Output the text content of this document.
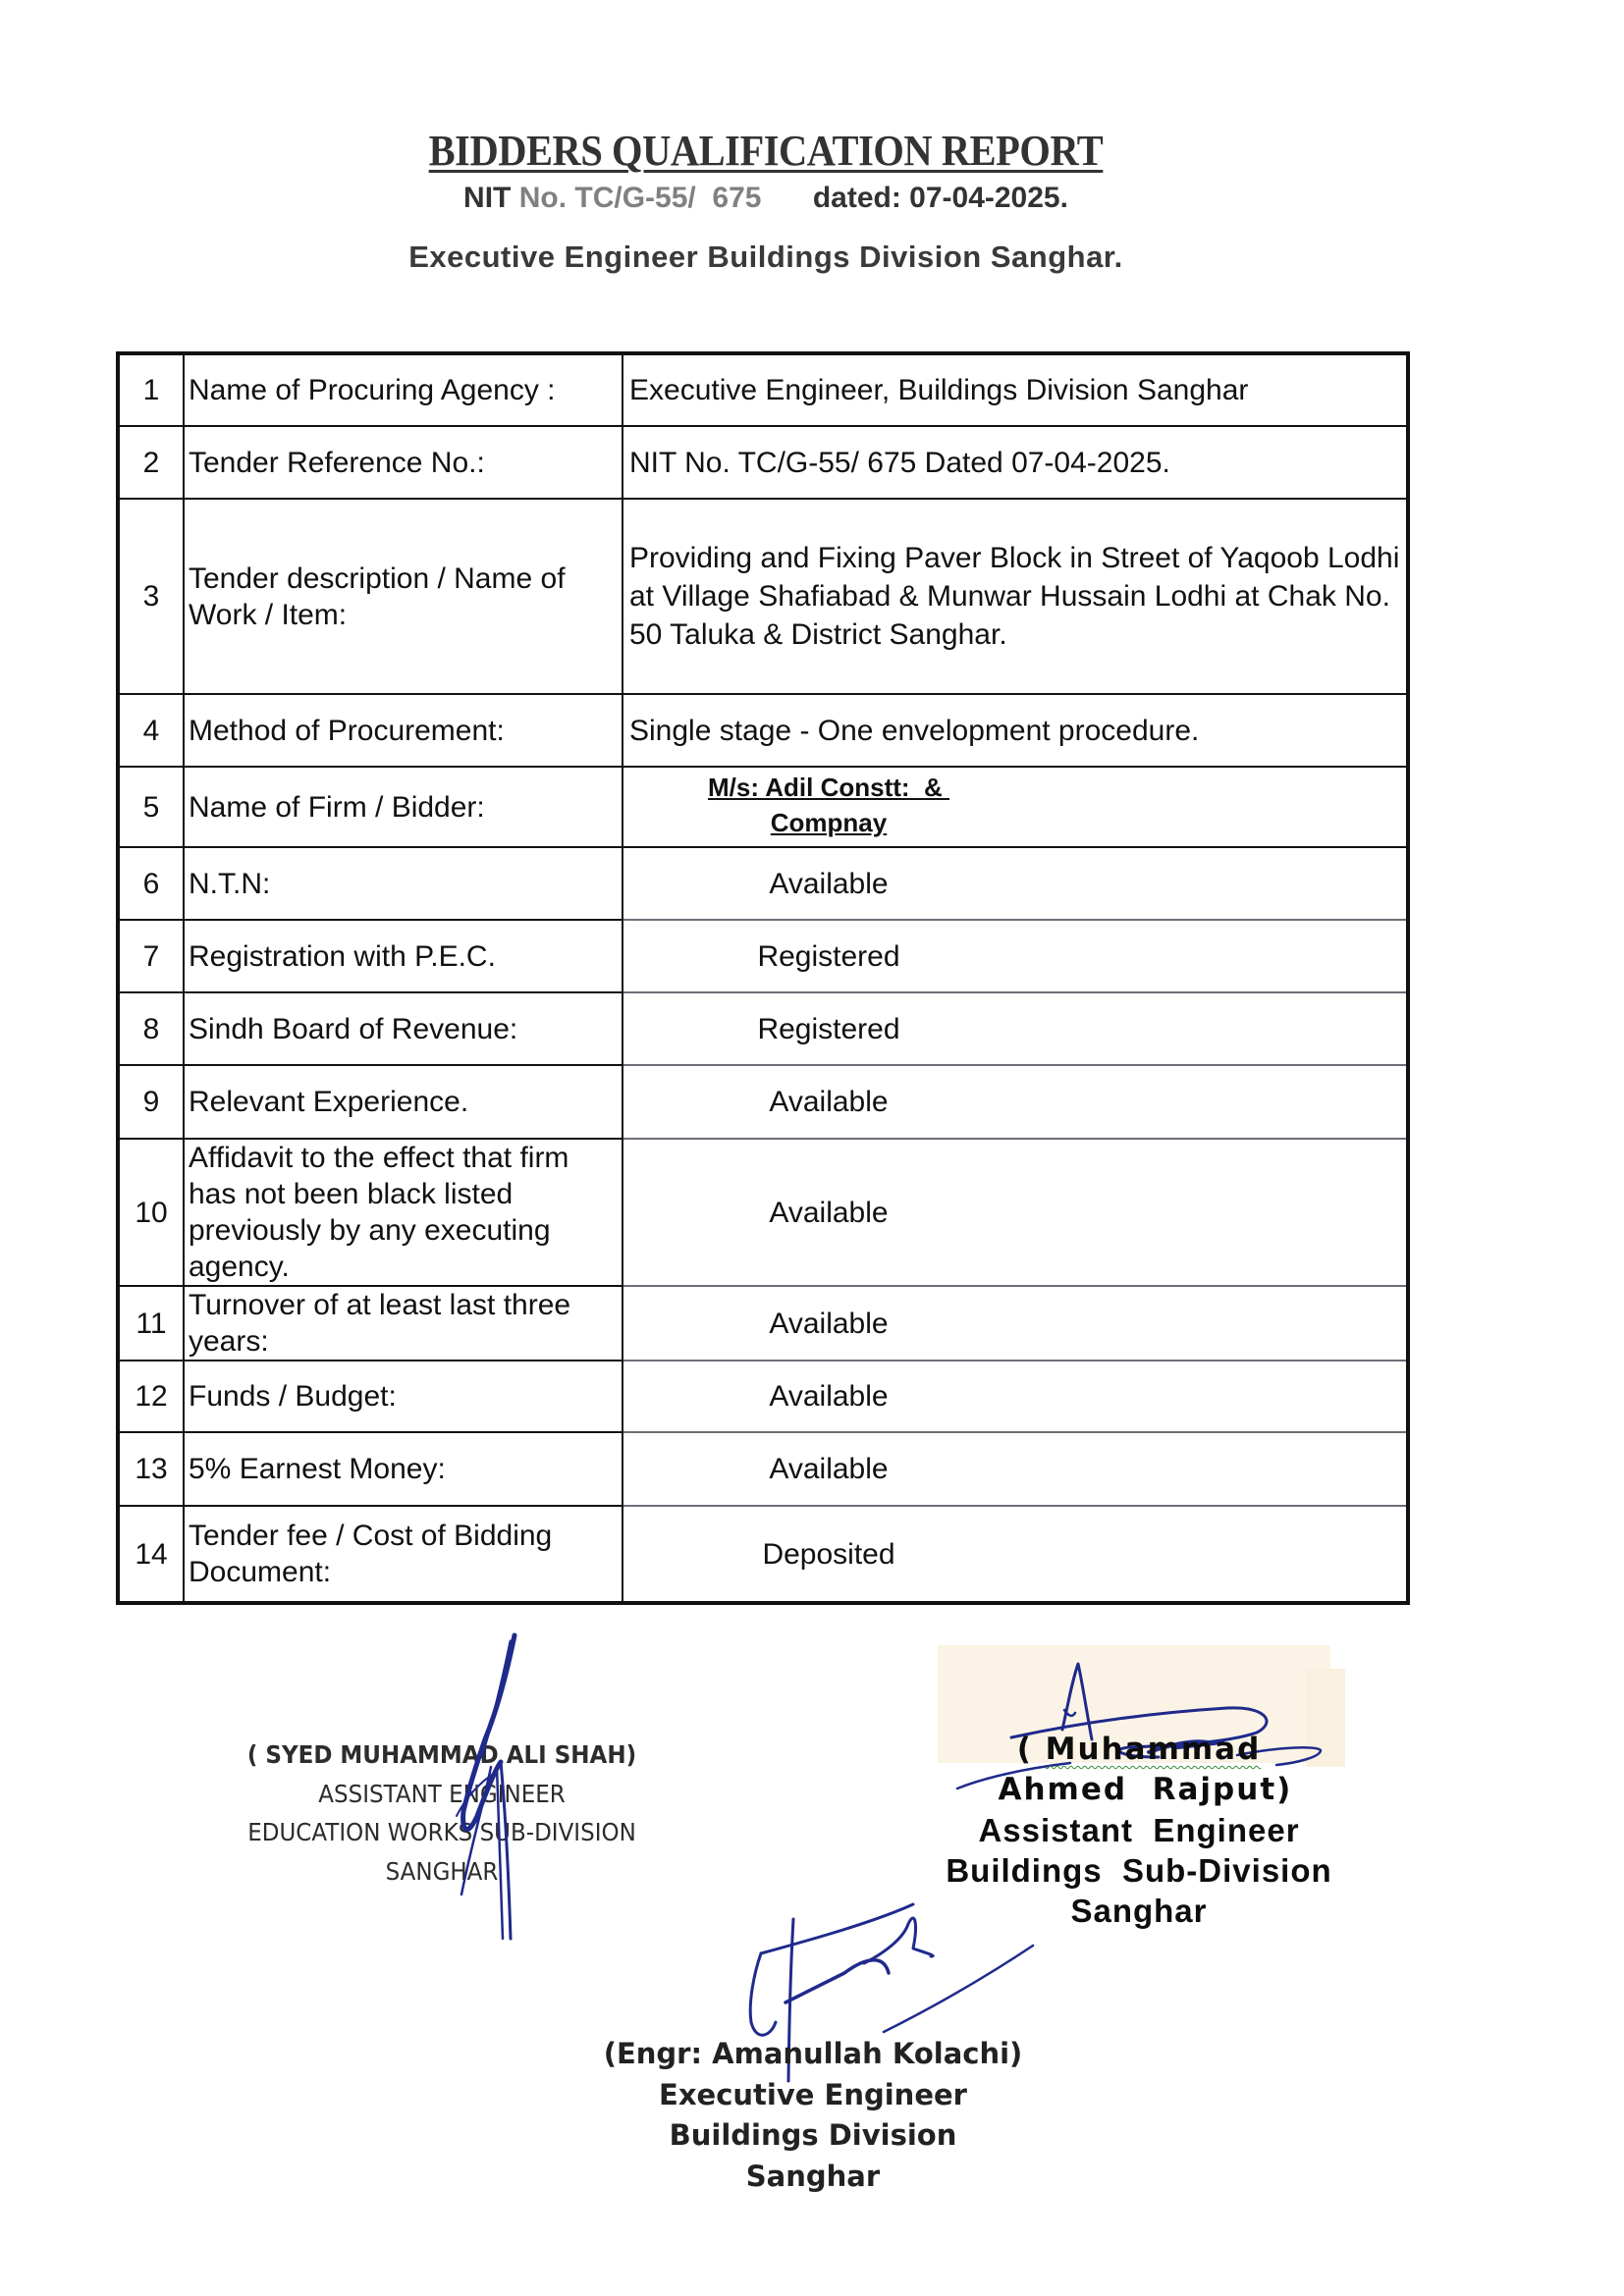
BIDDERS QUALIFICATION REPORT
NIT No. TC/G-55/  675 dated: 07-04-2025.
Executive Engineer Buildings Division Sanghar.
1	Name of Procuring Agency :	Executive Engineer, Buildings Division Sanghar
2	Tender Reference No.:	NIT No. TC/G-55/ 675 Dated 07-04-2025.
3	Tender description / Name of Work / Item:	Providing and Fixing Paver Block in Street of Yaqoob Lodhi at Village Shafiabad & Munwar Hussain Lodhi at Chak No. 50 Taluka & District Sanghar.
4	Method of Procurement:	Single stage - One envelopment procedure.
5	Name of Firm / Bidder:	M/s: Adil Constt:  &
Compnay

6	N.T.N:	Available

7	Registration with P.E.C.	Registered

8	Sindh Board of Revenue:	Registered

9	Relevant Experience.	Available

10	Affidavit to the effect that firm has not been black listed previously by any executing agency.	Available

11	Turnover of at least last three years:	Available

12	Funds / Budget:	Available

13	5% Earnest Money:	Available

14	Tender fee / Cost of Bidding Document:	Deposited
( SYED MUHAMMAD ALI SHAH)
ASSISTANT ENGINEER
EDUCATION WORKS SUB-DIVISION
SANGHAR
( Muhammad Ahmed  Rajput)
Assistant  Engineer
Buildings  Sub-Division
Sanghar
(Engr: Amanullah Kolachi)
Executive Engineer
Buildings Division
Sanghar
